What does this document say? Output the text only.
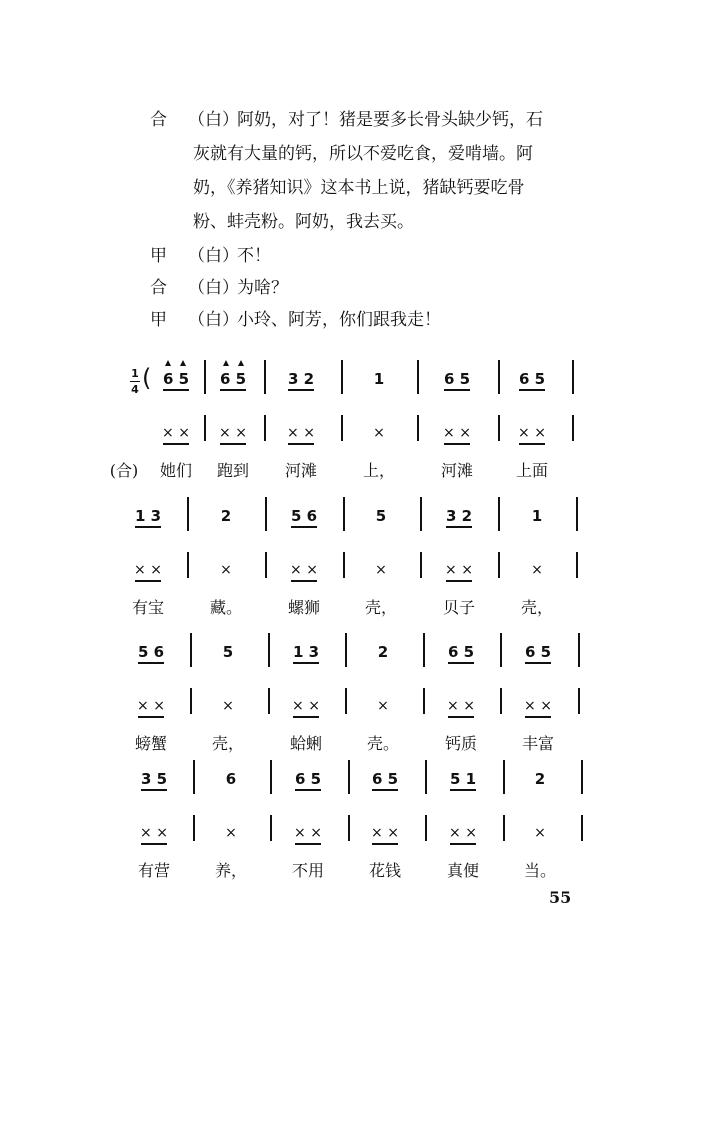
合 （白）
阿奶，对了！猪是要多长骨头缺少钙，石
灰就有大量的钙，所以不爱吃食，爱啃墙。阿
奶，《养猪知识》这本书上说，猪缺钙要吃骨
粉、蚌壳粉。阿奶，我去买。
甲 （白）
不！
合 （白）
为啥？
甲 （白）
小玲、阿芳，你们跟我走！
1
4 (
(合)
6 5
× ×
她们
6 5
× ×
跑到
3 2
× ×
河滩
1
×
上，
6 5
× ×
河滩
6 5
× ×
上面
1 3
× ×
有宝
2
×
藏。
5 6
× ×
螺狮
5
×
壳，
3 2
× ×
贝子
1
×
壳，
5 6
× ×
螃蟹
5
×
壳，
1 3
× ×
蛤蜊
2
×
壳。
6 5
× ×
钙质
6 5
× ×
丰富
3 5
× ×
有营
6
×
养，
6 5
× ×
不用
6 5
× ×
花钱
5 1
× ×
真便
2
×
当。
55
